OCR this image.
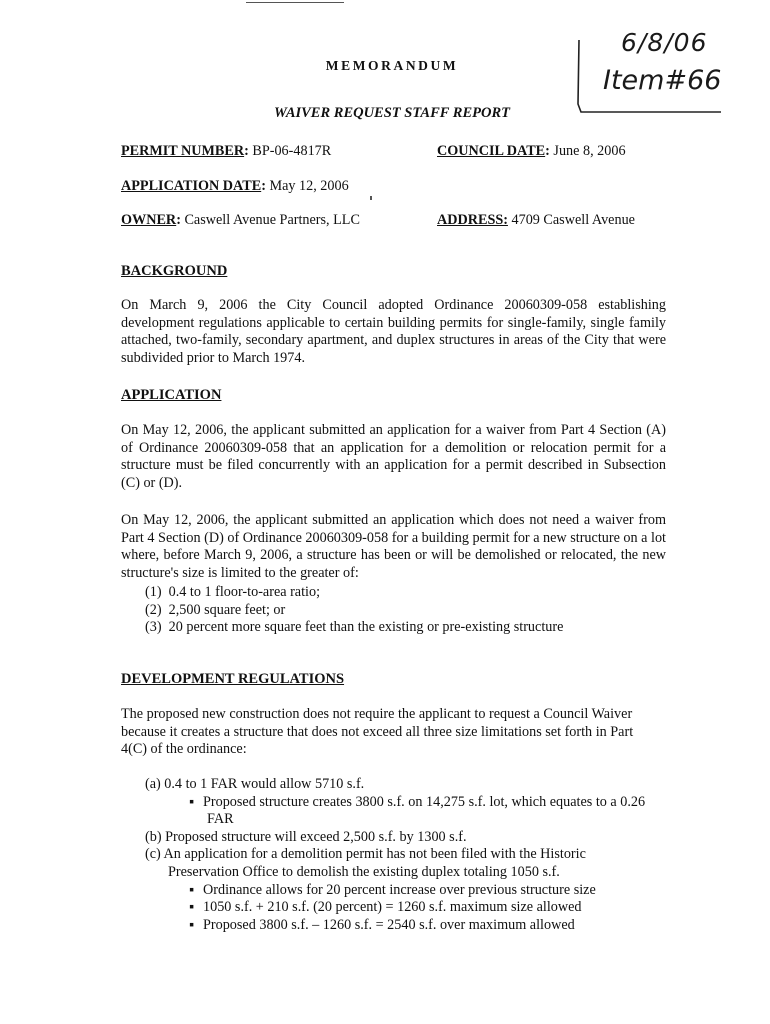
6/8/06
Item#66
MEMORANDUM
WAIVER REQUEST STAFF REPORT
PERMIT NUMBER: BP-06-4817R	COUNCIL DATE: June 8, 2006
APPLICATION DATE: May 12, 2006
OWNER: Caswell Avenue Partners, LLC	ADDRESS: 4709 Caswell Avenue
BACKGROUND
On March 9, 2006 the City Council adopted Ordinance 20060309-058 establishing development regulations applicable to certain building permits for single-family, single family attached, two-family, secondary apartment, and duplex structures in areas of the City that were subdivided prior to March 1974.
APPLICATION
On May 12, 2006, the applicant submitted an application for a waiver from Part 4 Section (A) of Ordinance 20060309-058 that an application for a demolition or relocation permit for a structure must be filed concurrently with an application for a permit described in Subsection (C) or (D).
On May 12, 2006, the applicant submitted an application which does not need a waiver from Part 4 Section (D) of Ordinance 20060309-058 for a building permit for a new structure on a lot where, before March 9, 2006, a structure has been or will be demolished or relocated, the new structure's size is limited to the greater of:
(1)  0.4 to 1 floor-to-area ratio;
(2)  2,500 square feet; or
(3)  20 percent more square feet than the existing or pre-existing structure
DEVELOPMENT REGULATIONS
The proposed new construction does not require the applicant to request a Council Waiver because it creates a structure that does not exceed all three size limitations set forth in Part 4(C) of the ordinance:
(a) 0.4 to 1 FAR would allow 5710 s.f.
▪ Proposed structure creates 3800 s.f. on 14,275 s.f. lot, which equates to a 0.26
FAR
(b) Proposed structure will exceed 2,500 s.f. by 1300 s.f.
(c) An application for a demolition permit has not been filed with the Historic
Preservation Office to demolish the existing duplex totaling 1050 s.f.
▪ Ordinance allows for 20 percent increase over previous structure size
▪ 1050 s.f. + 210 s.f. (20 percent) = 1260 s.f. maximum size allowed
▪ Proposed 3800 s.f. – 1260 s.f. = 2540 s.f. over maximum allowed
